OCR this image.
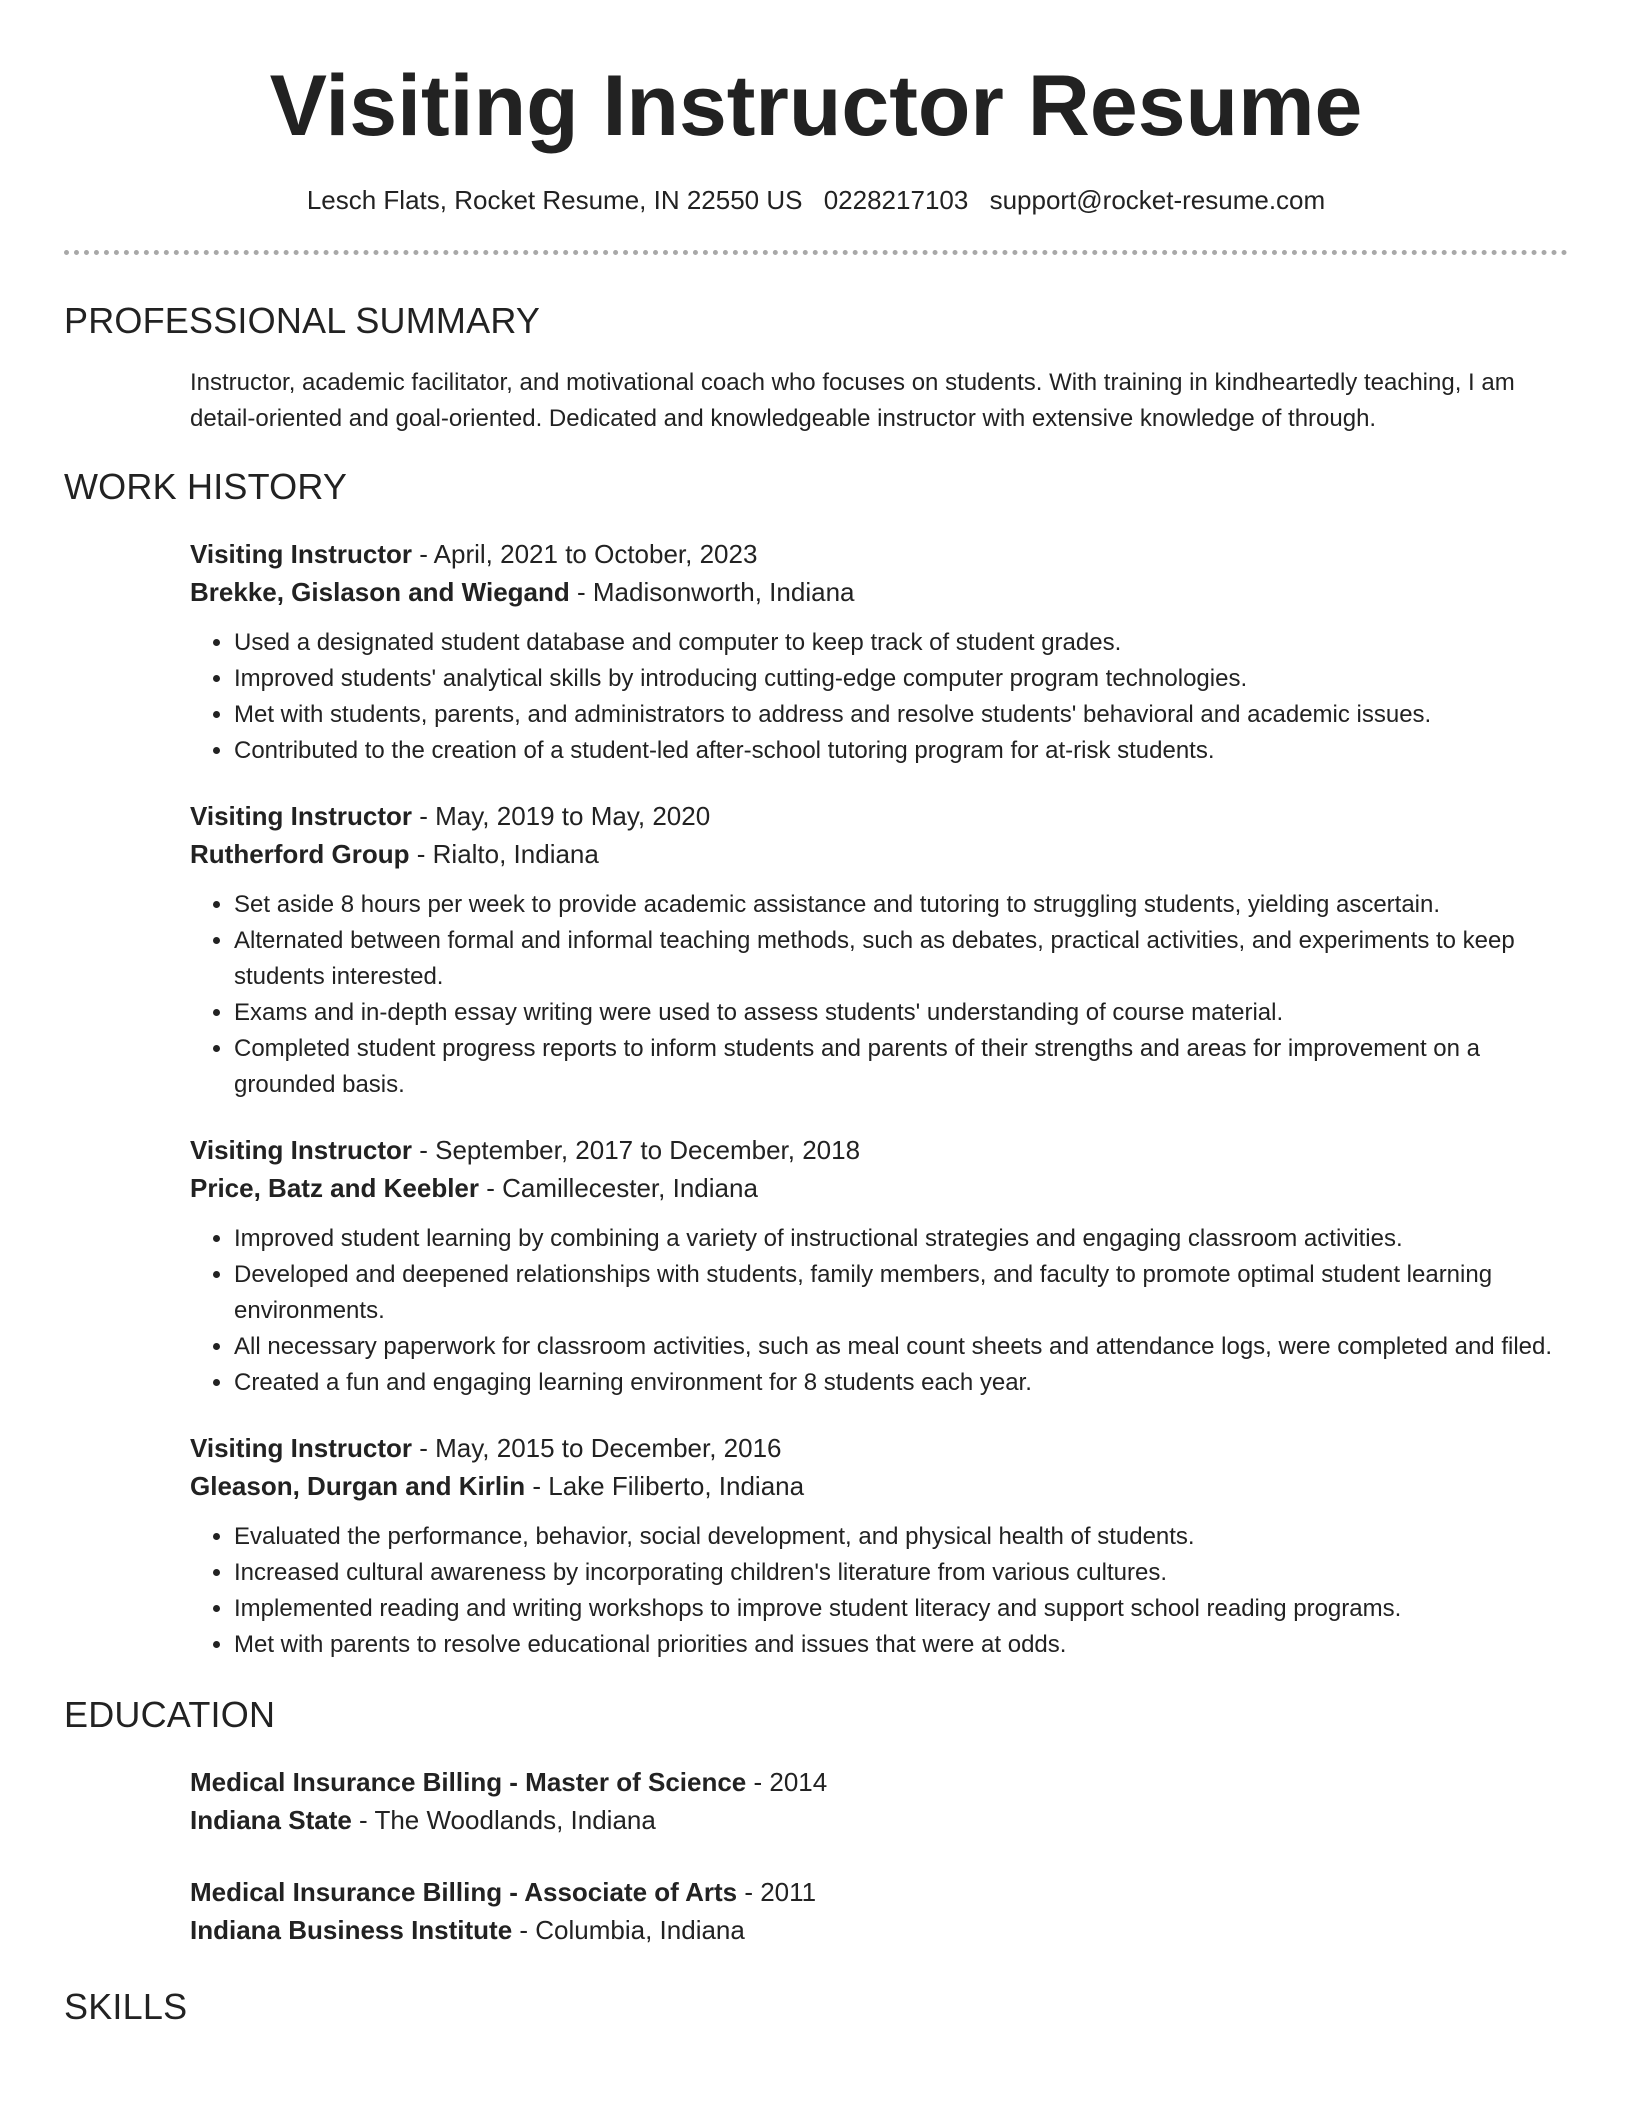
Visiting Instructor Resume
Lesch Flats, Rocket Resume, IN 22550 US 0228217103 support@rocket-resume.com
PROFESSIONAL SUMMARY
Instructor, academic facilitator, and motivational coach who focuses on students. With training in kindheartedly teaching, I am detail-oriented and goal-oriented. Dedicated and knowledgeable instructor with extensive knowledge of through.
WORK HISTORY
Visiting Instructor - April, 2021 to October, 2023
Brekke, Gislason and Wiegand - Madisonworth, Indiana
• Used a designated student database and computer to keep track of student grades.
• Improved students' analytical skills by introducing cutting-edge computer program technologies.
• Met with students, parents, and administrators to address and resolve students' behavioral and academic issues.
• Contributed to the creation of a student-led after-school tutoring program for at-risk students.
Visiting Instructor - May, 2019 to May, 2020
Rutherford Group - Rialto, Indiana
• Set aside 8 hours per week to provide academic assistance and tutoring to struggling students, yielding ascertain.
• Alternated between formal and informal teaching methods, such as debates, practical activities, and experiments to keep students interested.
• Exams and in-depth essay writing were used to assess students' understanding of course material.
• Completed student progress reports to inform students and parents of their strengths and areas for improvement on a grounded basis.
Visiting Instructor - September, 2017 to December, 2018
Price, Batz and Keebler - Camillecester, Indiana
• Improved student learning by combining a variety of instructional strategies and engaging classroom activities.
• Developed and deepened relationships with students, family members, and faculty to promote optimal student learning environments.
• All necessary paperwork for classroom activities, such as meal count sheets and attendance logs, were completed and filed.
• Created a fun and engaging learning environment for 8 students each year.
Visiting Instructor - May, 2015 to December, 2016
Gleason, Durgan and Kirlin - Lake Filiberto, Indiana
• Evaluated the performance, behavior, social development, and physical health of students.
• Increased cultural awareness by incorporating children's literature from various cultures.
• Implemented reading and writing workshops to improve student literacy and support school reading programs.
• Met with parents to resolve educational priorities and issues that were at odds.
EDUCATION
Medical Insurance Billing - Master of Science - 2014
Indiana State - The Woodlands, Indiana
Medical Insurance Billing - Associate of Arts - 2011
Indiana Business Institute - Columbia, Indiana
SKILLS
